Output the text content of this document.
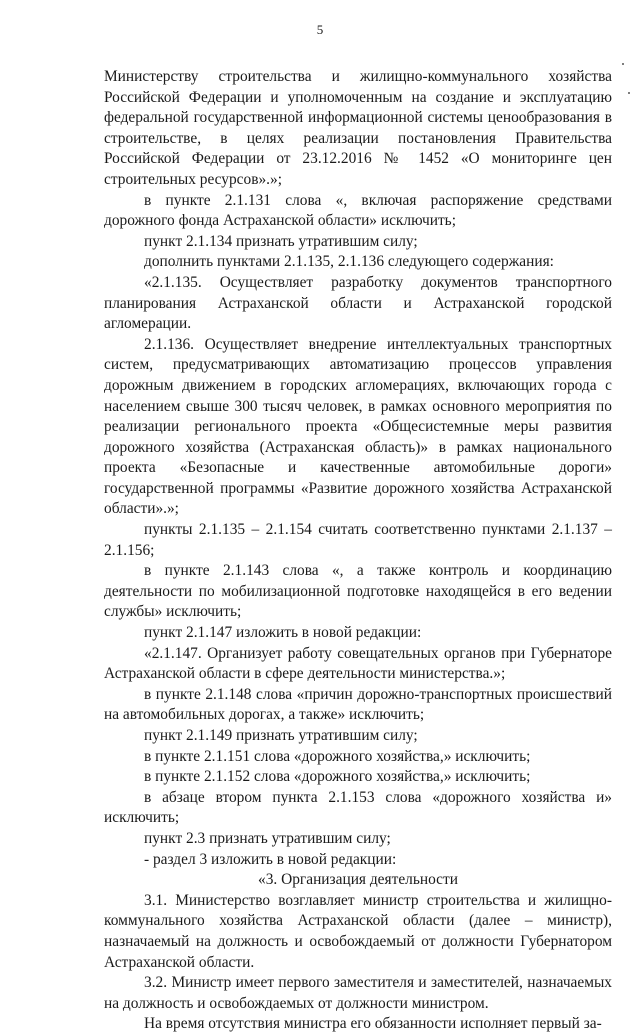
5

Министерству строительства и жилищно-коммунального хозяйства Российской Федерации и уполномоченным на создание и эксплуатацию федеральной государственной информационной системы ценообразования в строительстве, в целях реализации постановления Правительства Российской Федерации от 23.12.2016 № 1452 «О мониторинге цен строительных ресурсов».»;

в пункте 2.1.131 слова «, включая распоряжение средствами дорожного фонда Астраханской области» исключить;

пункт 2.1.134 признать утратившим силу;

дополнить пунктами 2.1.135, 2.1.136 следующего содержания:

«2.1.135. Осуществляет разработку документов транспортного планирования Астраханской области и Астраханской городской агломерации.

2.1.136. Осуществляет внедрение интеллектуальных транспортных систем, предусматривающих автоматизацию процессов управления дорожным движением в городских агломерациях, включающих города с населением свыше 300 тысяч человек, в рамках основного мероприятия по реализации регионального проекта «Общесистемные меры развития дорожного хозяйства (Астраханская область)» в рамках национального проекта «Безопасные и качественные автомобильные дороги» государственной программы «Развитие дорожного хозяйства Астраханской области».»;

пункты 2.1.135 – 2.1.154 считать соответственно пунктами 2.1.137 – 2.1.156;

в пункте 2.1.143 слова «, а также контроль и координацию деятельности по мобилизационной подготовке находящейся в его ведении службы» исключить;

пункт 2.1.147 изложить в новой редакции:

«2.1.147. Организует работу совещательных органов при Губернаторе Астраханской области в сфере деятельности министерства.»;

в пункте 2.1.148 слова «причин дорожно-транспортных происшествий на автомобильных дорогах, а также» исключить;

пункт 2.1.149 признать утратившим силу;

в пункте 2.1.151 слова «дорожного хозяйства,» исключить;

в пункте 2.1.152 слова «дорожного хозяйства,» исключить;

в абзаце втором пункта 2.1.153 слова «дорожного хозяйства и» исключить;

пункт 2.3 признать утратившим силу;

- раздел 3 изложить в новой редакции:

«3. Организация деятельности

3.1. Министерство возглавляет министр строительства и жилищно-коммунального хозяйства Астраханской области (далее – министр), назначаемый на должность и освобождаемый от должности Губернатором Астраханской области.

3.2. Министр имеет первого заместителя и заместителей, назначаемых на должность и освобождаемых от должности министром.

На время отсутствия министра его обязанности исполняет первый за-
